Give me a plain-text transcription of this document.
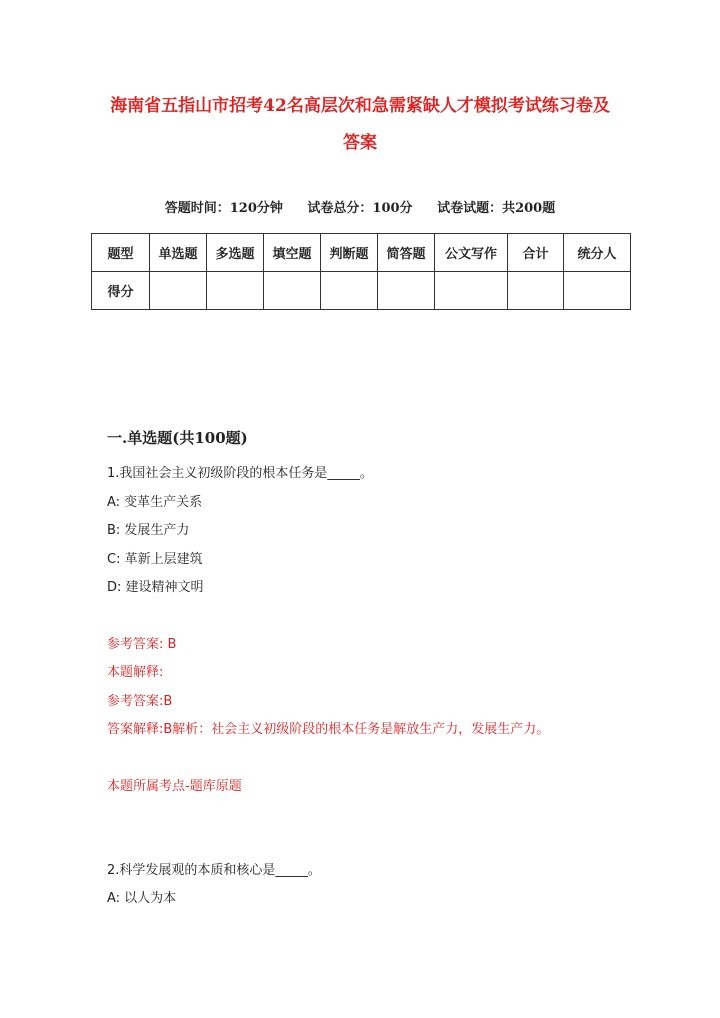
海南省五指山市招考42名高层次和急需紧缺人才模拟考试练习卷及
答案
答题时间：120分钟 试卷总分：100分 试卷试题：共200题
题型	单选题	多选题	填空题	判断题	简答题	公文写作	合计	统分人
得分								
一.单选题(共100题)
1.我国社会主义初级阶段的根本任务是_____。
A: 变革生产关系
B: 发展生产力
C: 革新上层建筑
D: 建设精神文明
参考答案: B
本题解释:
参考答案:B
答案解释:B解析：社会主义初级阶段的根本任务是解放生产力，发展生产力。
本题所属考点-题库原题
2.科学发展观的本质和核心是_____。
A: 以人为本
